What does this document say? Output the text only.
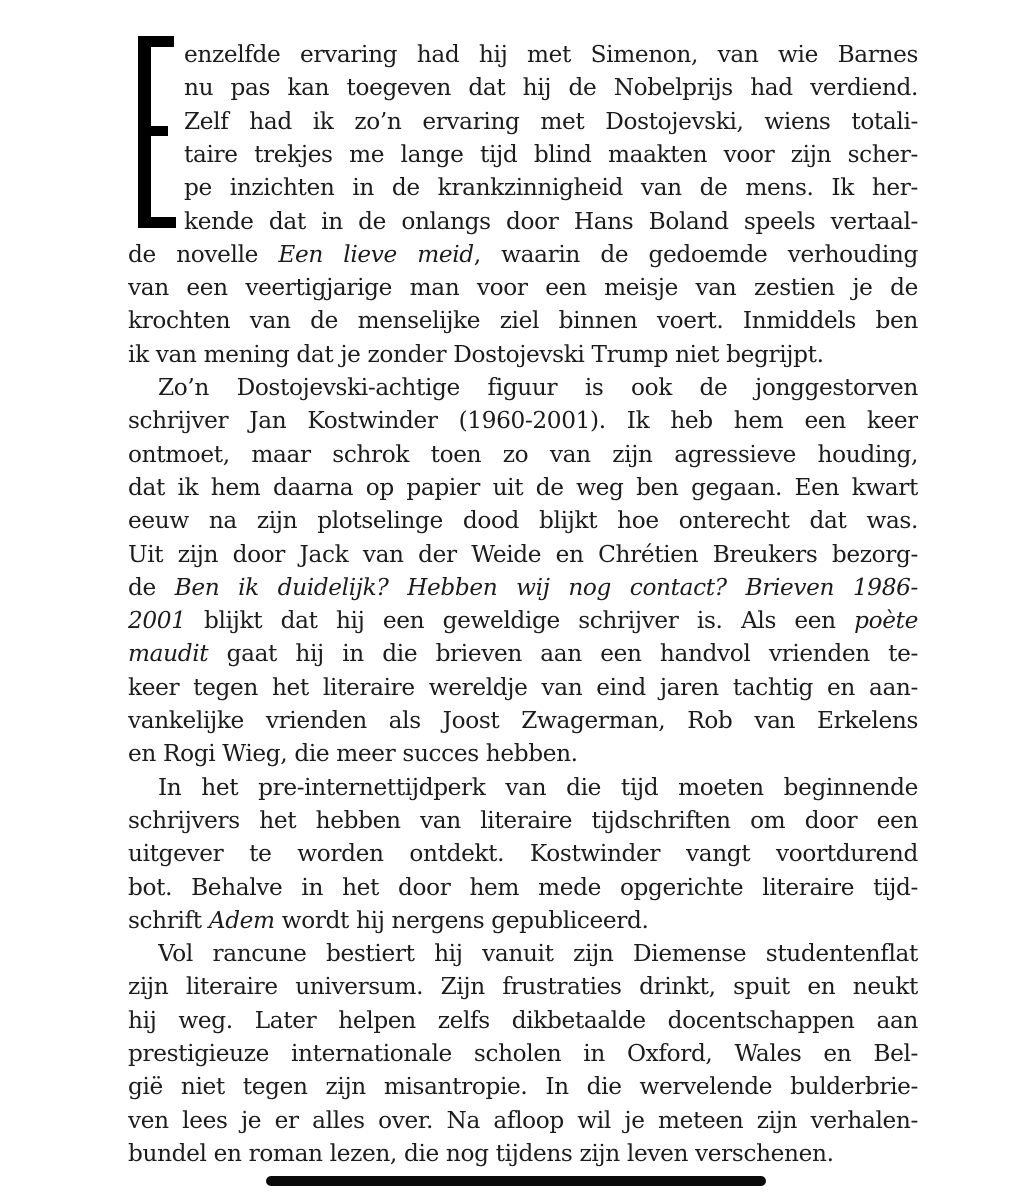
enzelfde ervaring had hij met Simenon, van wie Barnes
nu pas kan toegeven dat hij de Nobelprijs had verdiend.
Zelf had ik zo’n ervaring met Dostojevski, wiens totali-
taire trekjes me lange tijd blind maakten voor zijn scher-
pe inzichten in de krankzinnigheid van de mens. Ik her-
kende dat in de onlangs door Hans Boland speels vertaal-
de novelle Een lieve meid, waarin de gedoemde verhouding
van een veertigjarige man voor een meisje van zestien je de
krochten van de menselijke ziel binnen voert. Inmiddels ben
ik van mening dat je zonder Dostojevski Trump niet begrijpt.
Zo’n Dostojevski-achtige figuur is ook de jonggestorven
schrijver Jan Kostwinder (1960-2001). Ik heb hem een keer
ontmoet, maar schrok toen zo van zijn agressieve houding,
dat ik hem daarna op papier uit de weg ben gegaan. Een kwart
eeuw na zijn plotselinge dood blijkt hoe onterecht dat was.
Uit zijn door Jack van der Weide en Chrétien Breukers bezorg-
de Ben ik duidelijk? Hebben wij nog contact? Brieven 1986-
2001 blijkt dat hij een geweldige schrijver is. Als een poète
maudit gaat hij in die brieven aan een handvol vrienden te-
keer tegen het literaire wereldje van eind jaren tachtig en aan-
vankelijke vrienden als Joost Zwagerman, Rob van Erkelens
en Rogi Wieg, die meer succes hebben.
In het pre-internettijdperk van die tijd moeten beginnende
schrijvers het hebben van literaire tijdschriften om door een
uitgever te worden ontdekt. Kostwinder vangt voortdurend
bot. Behalve in het door hem mede opgerichte literaire tijd-
schrift Adem wordt hij nergens gepubliceerd.
Vol rancune bestiert hij vanuit zijn Diemense studentenflat
zijn literaire universum. Zijn frustraties drinkt, spuit en neukt
hij weg. Later helpen zelfs dikbetaalde docentschappen aan
prestigieuze internationale scholen in Oxford, Wales en Bel-
gië niet tegen zijn misantropie. In die wervelende bulderbrie-
ven lees je er alles over. Na afloop wil je meteen zijn verhalen-
bundel en roman lezen, die nog tijdens zijn leven verschenen.
